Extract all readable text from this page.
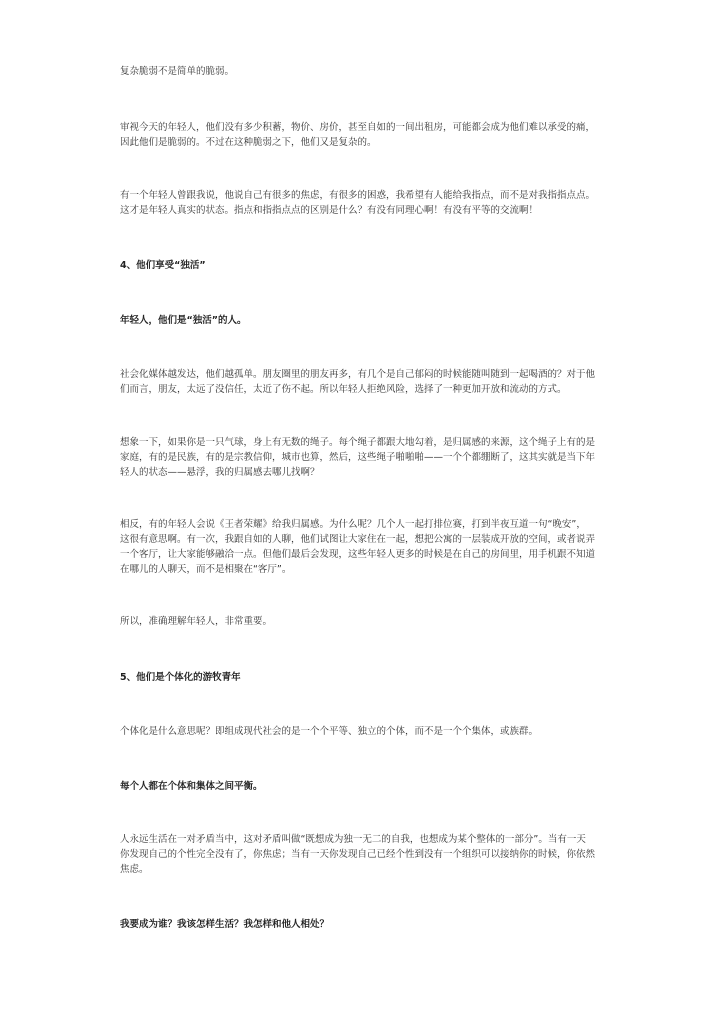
复杂脆弱不是简单的脆弱。
审视今天的年轻人，他们没有多少积蓄，物价、房价，甚至自如的一间出租房，可能都会成为他们难以承受的痛，
因此他们是脆弱的。不过在这种脆弱之下，他们又是复杂的。
有一个年轻人曾跟我说，他说自己有很多的焦虑，有很多的困惑，我希望有人能给我指点，而不是对我指指点点。
这才是年轻人真实的状态。指点和指指点点的区别是什么？有没有同理心啊！有没有平等的交流啊！
4、他们享受“独活”
年轻人，他们是“独活”的人。
社会化媒体越发达，他们越孤单。朋友圈里的朋友再多，有几个是自己郁闷的时候能随叫随到一起喝酒的？对于他
们而言，朋友，太远了没信任，太近了伤不起。所以年轻人拒绝风险，选择了一种更加开放和流动的方式。
想象一下，如果你是一只气球，身上有无数的绳子。每个绳子都跟大地勾着，是归属感的来源，这个绳子上有的是
家庭，有的是民族，有的是宗教信仰，城市也算，然后，这些绳子啪啪啪——一个个都绷断了，这其实就是当下年
轻人的状态——悬浮，我的归属感去哪儿找啊？
相反，有的年轻人会说《王者荣耀》给我归属感。为什么呢？几个人一起打排位赛，打到半夜互道一句“晚安”，
这很有意思啊。有一次，我跟自如的人聊，他们试图让大家住在一起，想把公寓的一层装成开放的空间，或者说弄
一个客厅，让大家能够融洽一点。但他们最后会发现，这些年轻人更多的时候是在自己的房间里，用手机跟不知道
在哪儿的人聊天，而不是相聚在“客厅”。
所以，准确理解年轻人，非常重要。
5、他们是个体化的游牧青年
个体化是什么意思呢？即组成现代社会的是一个个平等、独立的个体，而不是一个个集体，或族群。
每个人都在个体和集体之间平衡。
人永远生活在一对矛盾当中，这对矛盾叫做“既想成为独一无二的自我，也想成为某个整体的一部分”。当有一天
你发现自己的个性完全没有了，你焦虑；当有一天你发现自己已经个性到没有一个组织可以接纳你的时候，你依然
焦虑。
我要成为谁？我该怎样生活？我怎样和他人相处？
